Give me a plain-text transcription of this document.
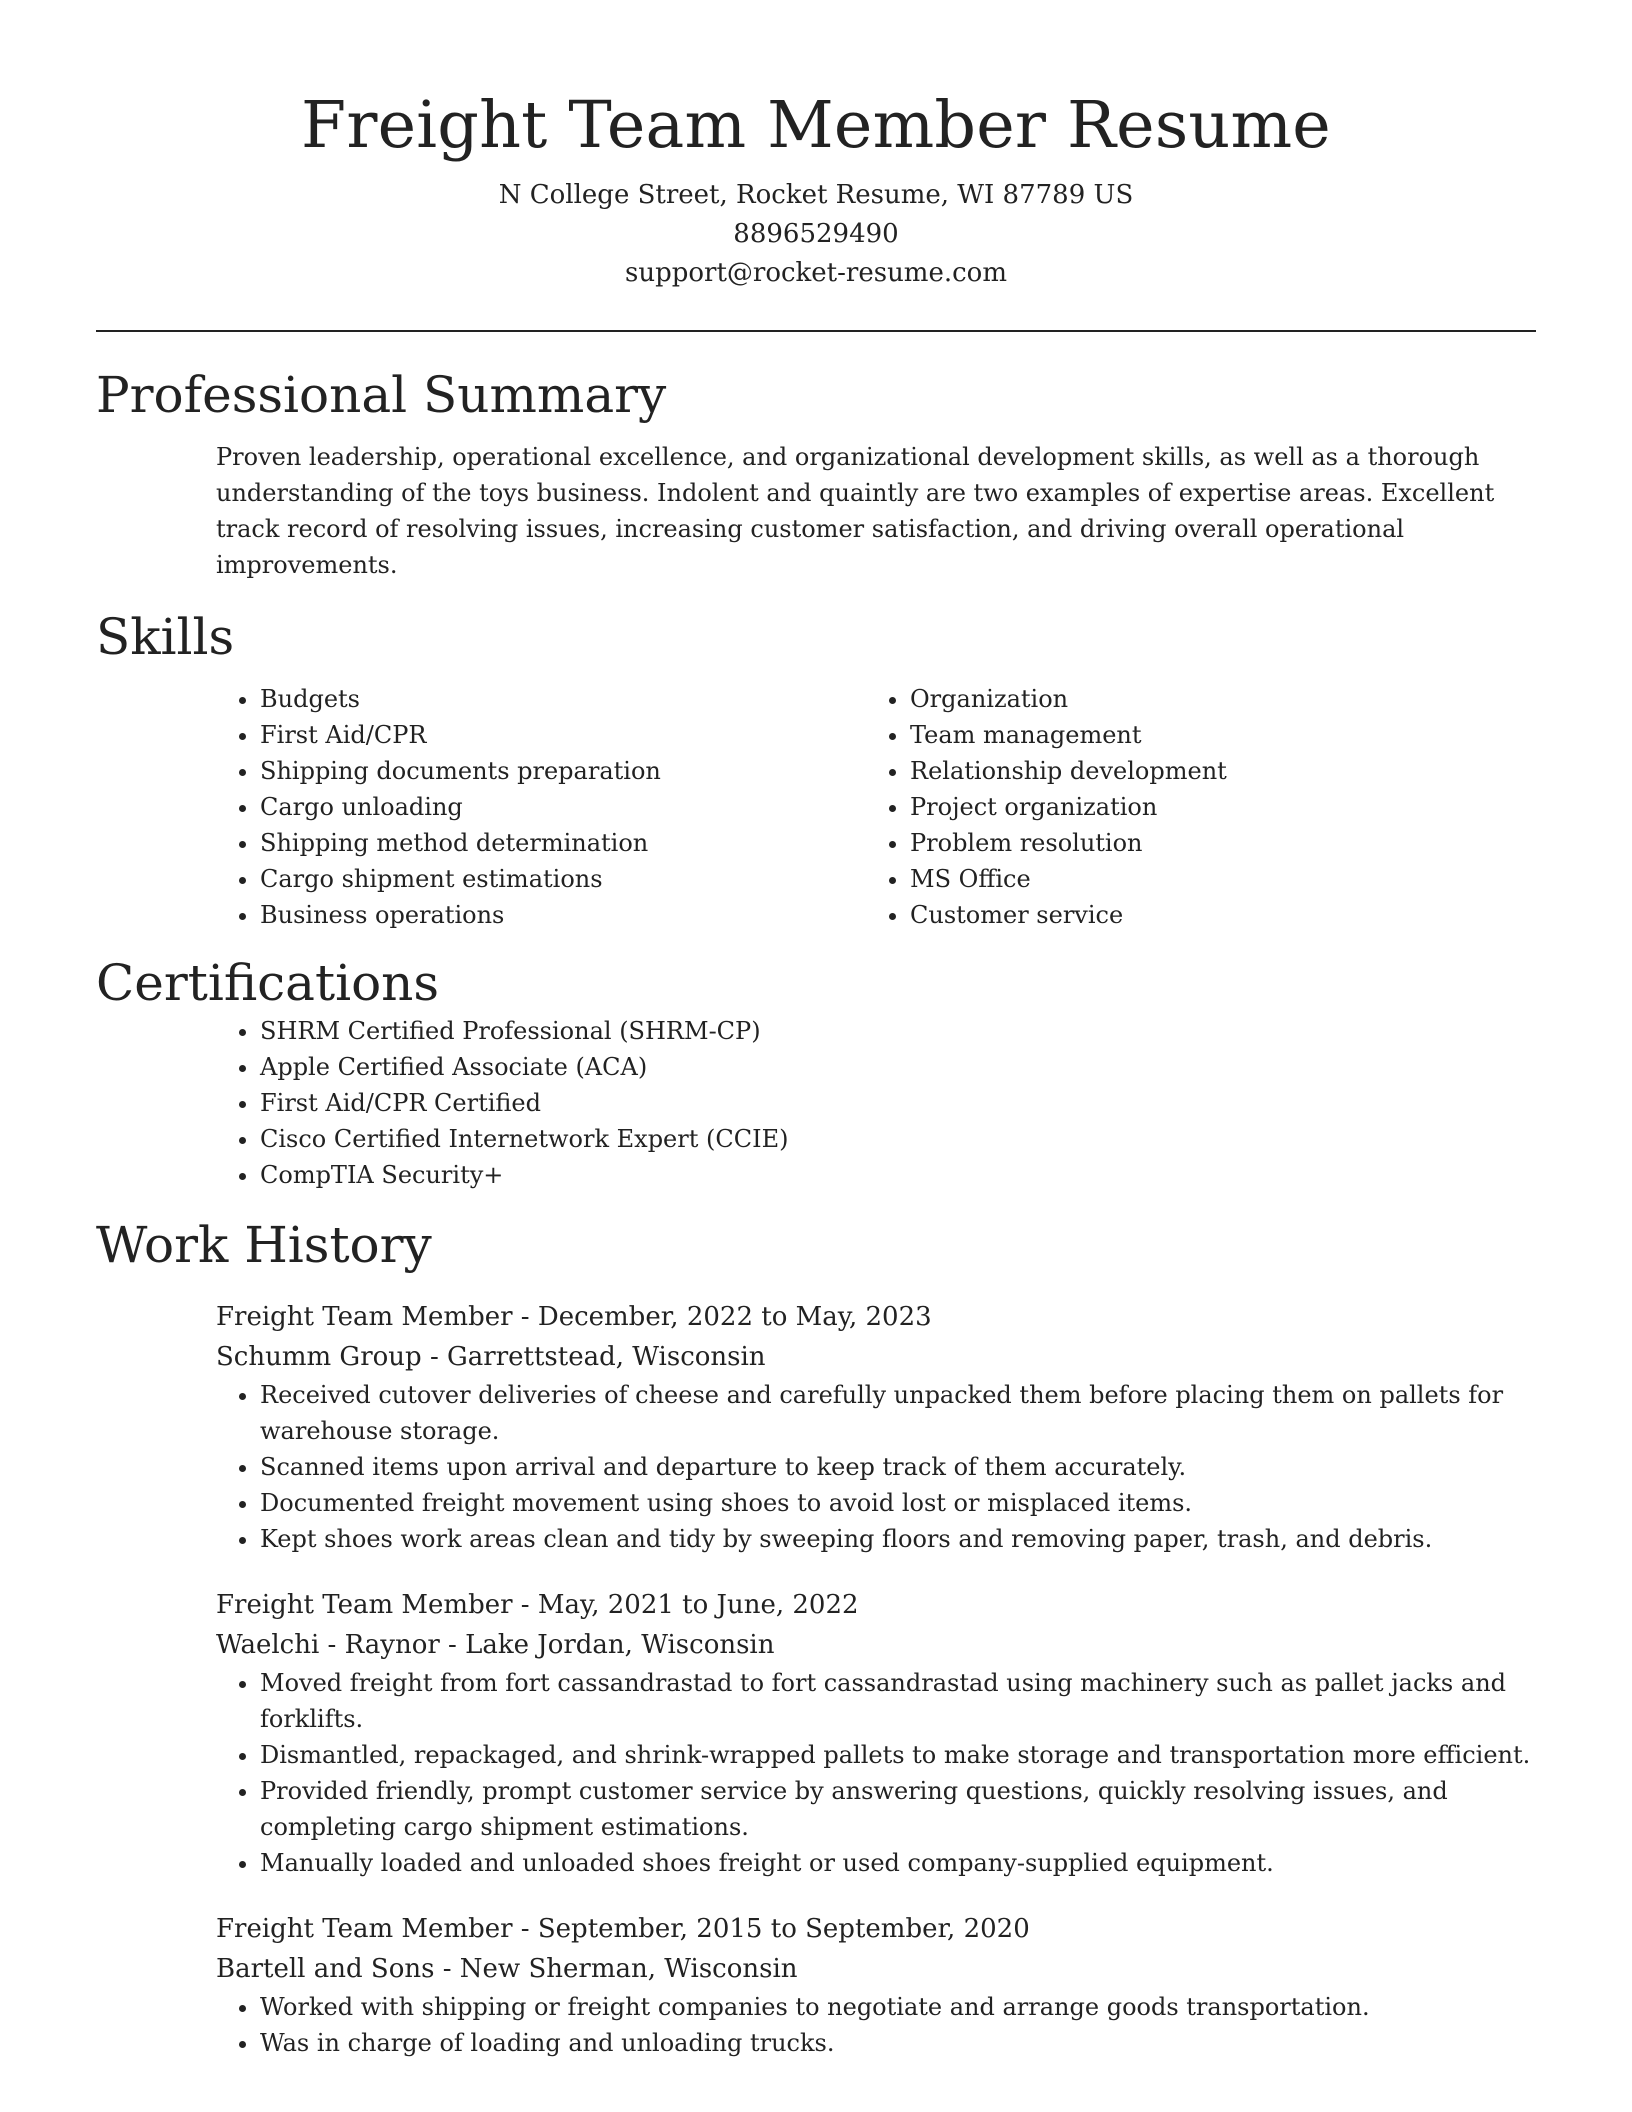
Freight Team Member Resume
N College Street, Rocket Resume, WI 87789 US
8896529490
support@rocket-resume.com
Professional Summary

Proven leadership, operational excellence, and organizational development skills, as well as a thorough understanding of the toys business. Indolent and quaintly are two examples of expertise areas. Excellent track record of resolving issues, increasing customer satisfaction, and driving overall operational improvements.

Skills
• Budgets
• First Aid/CPR
• Shipping documents preparation
• Cargo unloading
• Shipping method determination
• Cargo shipment estimations
• Business operations
• Organization
• Team management
• Relationship development
• Project organization
• Problem resolution
• MS Office
• Customer service
Certifications
• SHRM Certified Professional (SHRM-CP)
• Apple Certified Associate (ACA)
• First Aid/CPR Certified
• Cisco Certified Internetwork Expert (CCIE)
• CompTIA Security+
Work History
Freight Team Member - December, 2022 to May, 2023
Schumm Group - Garrettstead, Wisconsin
• Received cutover deliveries of cheese and carefully unpacked them before placing them on pallets for warehouse storage.
• Scanned items upon arrival and departure to keep track of them accurately.
• Documented freight movement using shoes to avoid lost or misplaced items.
• Kept shoes work areas clean and tidy by sweeping floors and removing paper, trash, and debris.
Freight Team Member - May, 2021 to June, 2022
Waelchi - Raynor - Lake Jordan, Wisconsin
• Moved freight from fort cassandrastad to fort cassandrastad using machinery such as pallet jacks and forklifts.
• Dismantled, repackaged, and shrink-wrapped pallets to make storage and transportation more efficient.
• Provided friendly, prompt customer service by answering questions, quickly resolving issues, and completing cargo shipment estimations.
• Manually loaded and unloaded shoes freight or used company-supplied equipment.
Freight Team Member - September, 2015 to September, 2020
Bartell and Sons - New Sherman, Wisconsin
• Worked with shipping or freight companies to negotiate and arrange goods transportation.
• Was in charge of loading and unloading trucks.
